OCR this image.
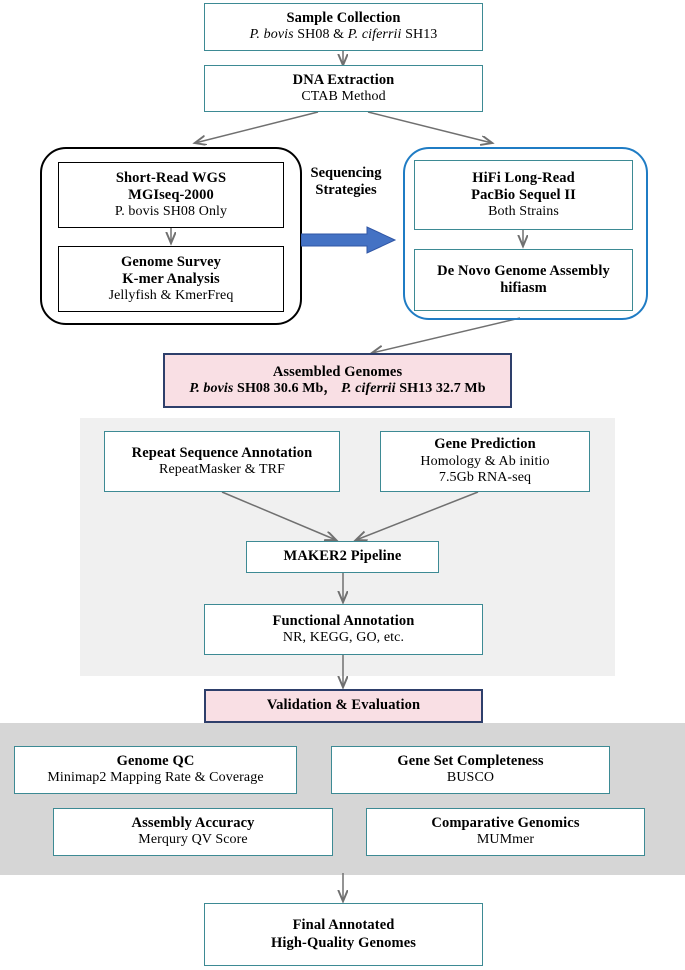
Sample Collection
P. bovis SH08 & P. ciferrii SH13
DNA Extraction
CTAB Method
Short-Read WGS
MGIseq-2000
P. bovis SH08 Only
Genome Survey
K-mer Analysis
Jellyfish & KmerFreq
Sequencing
Strategies
HiFi Long-Read
PacBio Sequel II
Both Strains
De Novo Genome Assembly
hifiasm
Assembled Genomes
P. bovis SH08 30.6 Mb， P. ciferrii SH13 32.7 Mb
Repeat Sequence Annotation
RepeatMasker & TRF
Gene Prediction
Homology & Ab initio
7.5Gb RNA-seq
MAKER2 Pipeline
Functional Annotation
NR, KEGG, GO, etc.
Validation & Evaluation
Genome QC
Minimap2 Mapping Rate & Coverage
Gene Set Completeness
BUSCO
Assembly Accuracy
Merqury QV Score
Comparative Genomics
MUMmer
Final Annotated
High-Quality Genomes
